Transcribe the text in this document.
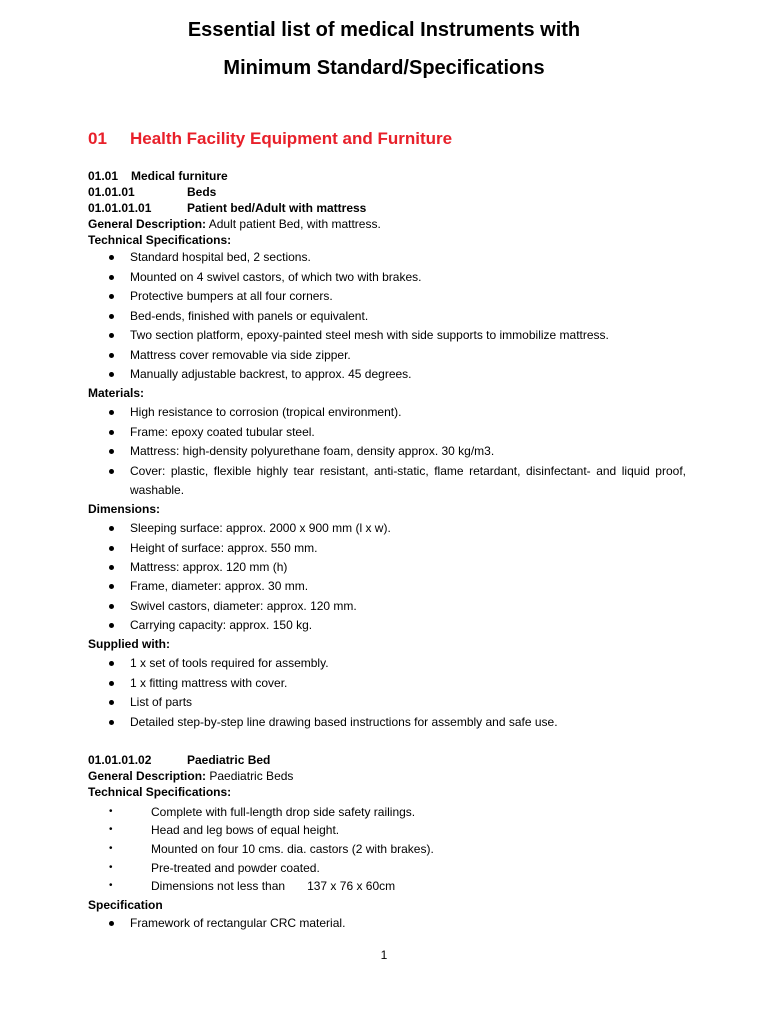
Essential list of medical Instruments with
Minimum Standard/Specifications
01 Health Facility Equipment and Furniture
01.01 Medical furniture
01.01.01	Beds
01.01.01.01	Patient bed/Adult with mattress
General Description: Adult patient Bed, with mattress.
Technical Specifications:
Standard hospital bed, 2 sections.
Mounted on 4 swivel castors, of which two with brakes.
Protective bumpers at all four corners.
Bed-ends, finished with panels or equivalent.
Two section platform, epoxy-painted steel mesh with side supports to immobilize mattress.
Mattress cover removable via side zipper.
Manually adjustable backrest, to approx. 45 degrees.
Materials:
High resistance to corrosion (tropical environment).
Frame: epoxy coated tubular steel.
Mattress: high-density polyurethane foam, density approx. 30 kg/m3.
Cover: plastic, flexible highly tear resistant, anti-static, flame retardant, disinfectant- and liquid proof, washable.
Dimensions:
Sleeping surface: approx. 2000 x 900 mm (l x w).
Height of surface: approx. 550 mm.
Mattress: approx. 120 mm (h)
Frame, diameter: approx. 30 mm.
Swivel castors, diameter: approx. 120 mm.
Carrying capacity: approx. 150 kg.
Supplied with:
1 x set of tools required for assembly.
1 x fitting mattress with cover.
List of parts
Detailed step-by-step line drawing based instructions for assembly and safe use.
01.01.01.02	Paediatric Bed
General Description: Paediatric Beds
Technical Specifications:
• Complete with full-length drop side safety railings.
• Head and leg bows of equal height.
• Mounted on four 10 cms. dia. castors (2 with brakes).
• Pre-treated and powder coated.
• Dimensions not less than 137 x 76 x 60cm
Specification
Framework of rectangular CRC material.
1
